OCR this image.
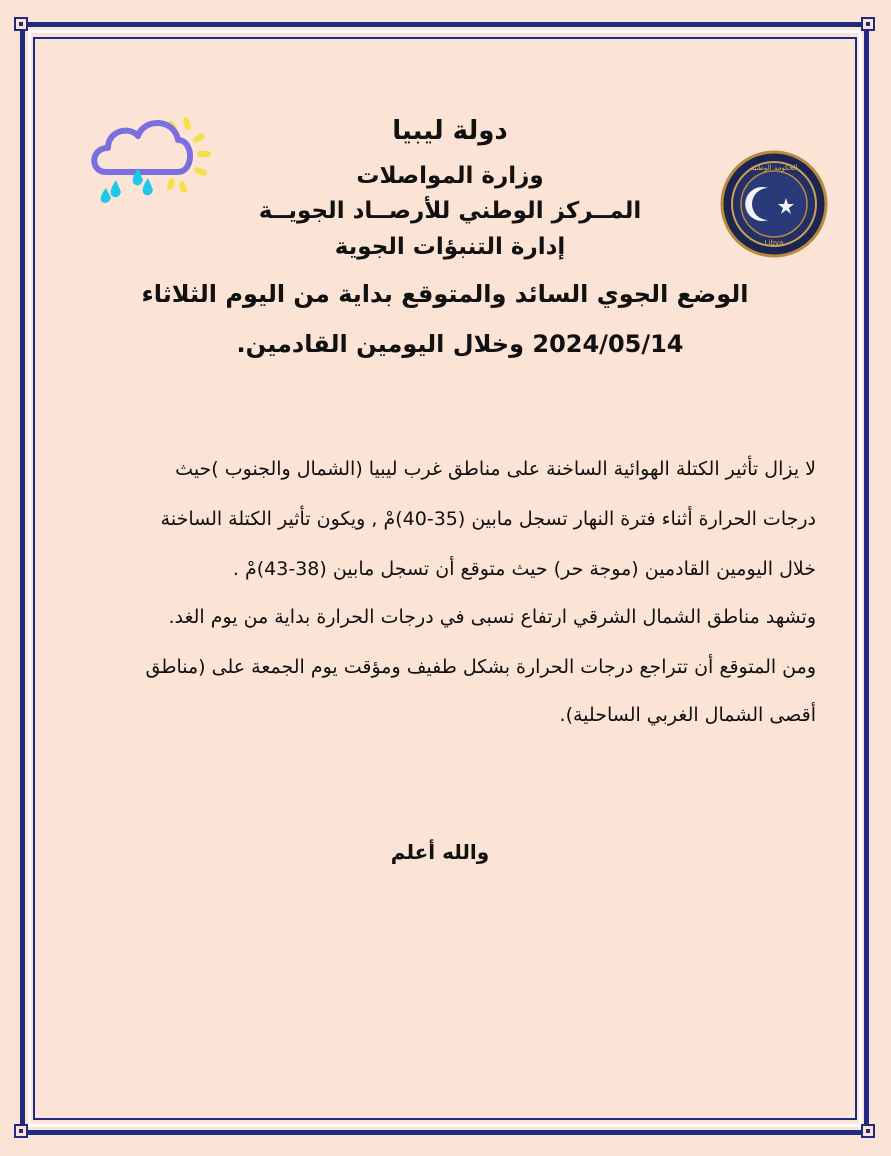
الحكومة الوطنية
Libya
دولة ليبيا
وزارة المواصلات
المــركز الوطني للأرصــاد الجويــة
إدارة التنبؤات الجوية
الوضع الجوي السائد والمتوقع بداية من اليوم الثلاثاء
2024/05/14 وخلال اليومين القادمين.
لا يزال تأثير الكتلة الهوائية الساخنة على مناطق غرب ليبيا (الشمال والجنوب )حيث
درجات الحرارة أثناء فترة النهار تسجل مابين (35-40)مْ , ويكون تأثير الكتلة الساخنة
خلال اليومين القادمين (موجة حر) حيث متوقع أن تسجل مابين (38-43)مْ .
وتشهد مناطق الشمال الشرقي ارتفاع نسبى في درجات الحرارة بداية من يوم الغد.
ومن المتوقع أن تتراجع درجات الحرارة بشكل طفيف ومؤقت يوم الجمعة على (مناطق
أقصى الشمال الغربي الساحلية).
والله أعلم
